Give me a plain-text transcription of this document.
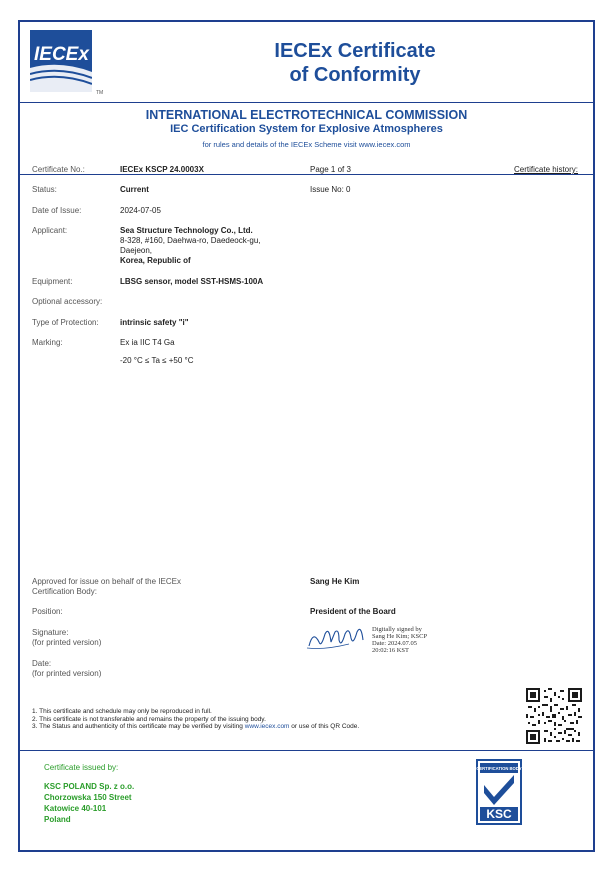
IECEx
TM
IECEx Certificate
of Conformity
INTERNATIONAL ELECTROTECHNICAL COMMISSION
IEC Certification System for Explosive Atmospheres
for rules and details of the IECEx Scheme visit www.iecex.com
Certificate No.:	IECEx KSCP 24.0003X	Page 1 of 3	Certificate history:
Status:	Current	Issue No: 0
Date of Issue:	2024-07-05
Applicant:	Sea Structure Technology Co., Ltd.
8-328, #160, Daehwa-ro, Daedeock-gu,
Daejeon,
Korea, Republic of
Equipment:	LBSG sensor, model SST-HSMS-100A
Optional accessory:
Type of Protection:	intrinsic safety "i"
Marking:	Ex ia IIC T4 Ga
-20 °C ≤ Ta ≤ +50 °C
Approved for issue on behalf of the IECEx
Certification Body:
Sang He Kim
Position:	President of the Board
Signature:
(for printed version)
Digitally signed by
Sang He Kim; KSCP
Date: 2024.07.05
20:02:16 KST
Date:
(for printed version)
1. This certificate and schedule may only be reproduced in full.
2. This certificate is not transferable and remains the property of the issuing body.
3. The Status and authenticity of this certificate may be verified by visiting www.iecex.com or use of this QR Code.
Certificate issued by:
KSC POLAND Sp. z o.o.
Chorzowska 150 Street
Katowice 40-101
Poland
CERTIFICATION BODY
KSC
